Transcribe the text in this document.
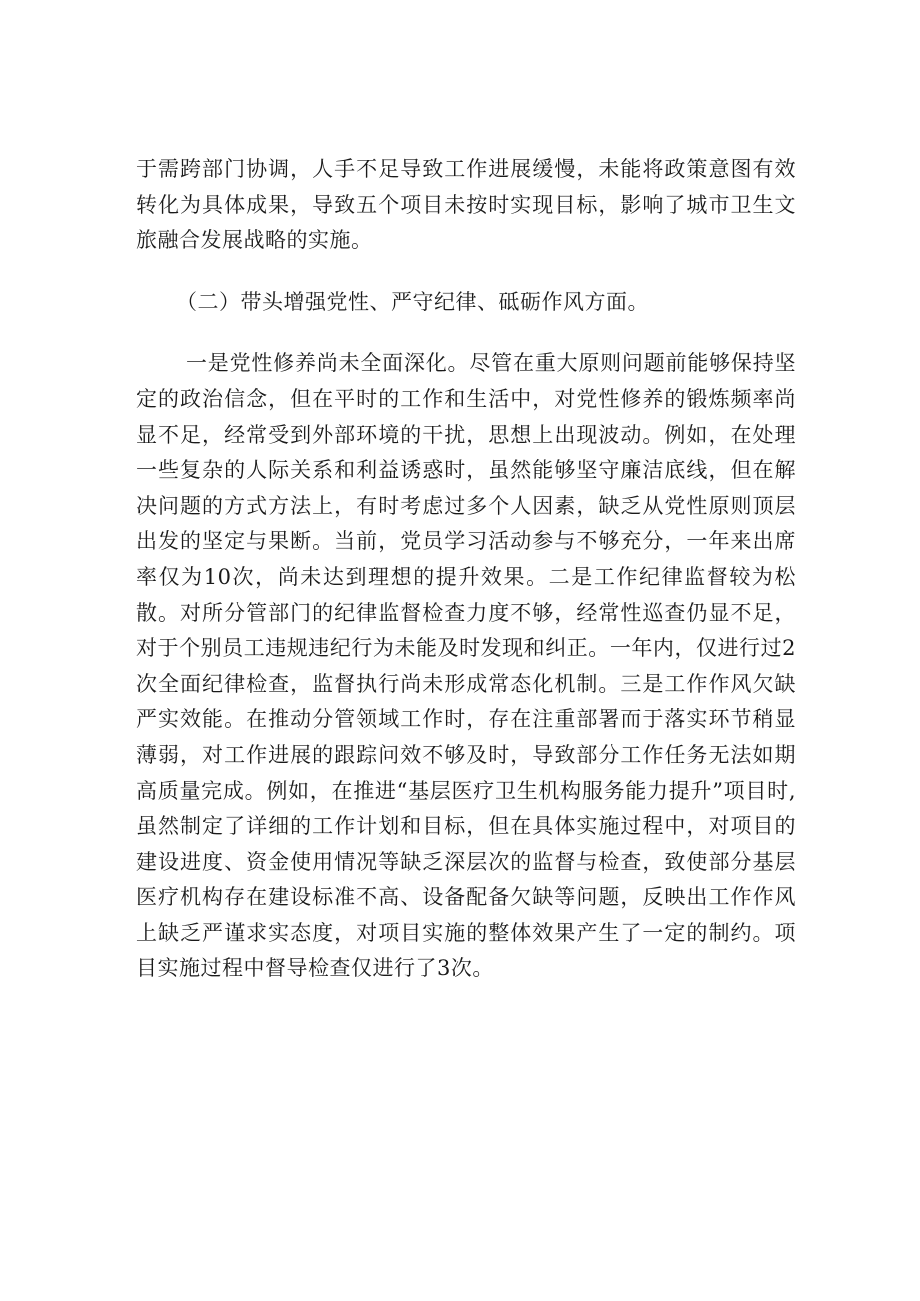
于需跨部门协调，人手不足导致工作进展缓慢，未能将政策意图有效转化为具体成果，导致五个项目未按时实现目标，影响了城市卫生文旅融合发展战略的实施。

（二）带头增强党性、严守纪律、砥砺作风方面。

一是党性修养尚未全面深化。尽管在重大原则问题前能够保持坚定的政治信念，但在平时的工作和生活中，对党性修养的锻炼频率尚显不足，经常受到外部环境的干扰，思想上出现波动。例如，在处理一些复杂的人际关系和利益诱惑时，虽然能够坚守廉洁底线，但在解决问题的方式方法上，有时考虑过多个人因素，缺乏从党性原则顶层出发的坚定与果断。当前，党员学习活动参与不够充分，一年来出席率仅为10次，尚未达到理想的提升效果。二是工作纪律监督较为松散。对所分管部门的纪律监督检查力度不够，经常性巡查仍显不足，对于个别员工违规违纪行为未能及时发现和纠正。一年内，仅进行过2次全面纪律检查，监督执行尚未形成常态化机制。三是工作作风欠缺严实效能。在推动分管领域工作时，存在注重部署而于落实环节稍显薄弱，对工作进展的跟踪问效不够及时，导致部分工作任务无法如期高质量完成。例如，在推进“基层医疗卫生机构服务能力提升”项目时,虽然制定了详细的工作计划和目标，但在具体实施过程中，对项目的建设进度、资金使用情况等缺乏深层次的监督与检查，致使部分基层医疗机构存在建设标准不高、设备配备欠缺等问题，反映出工作作风上缺乏严谨求实态度，对项目实施的整体效果产生了一定的制约。项目实施过程中督导检查仅进行了3次。
